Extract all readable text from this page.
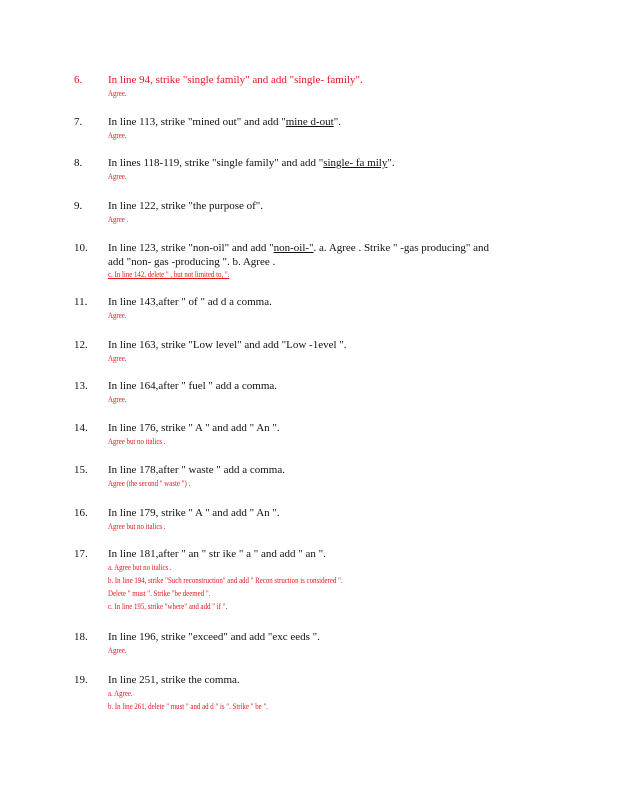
6. In line 94, strike "single family" and add "single- family".
Agree.
7. In line 113, strike "mined out" and add "mine d-out".
Agree.
8. In lines 118-119, strike "single family" and add "single- fa mily".
Agree.
9. In line 122, strike "the purpose of".
Agree .
10. In line 123, strike "non-oil" and add "non-oil-". a. Agree . Strike " -gas producing" and
add "non- gas -producing ". b. Agree .
c. In line 142, delete " , but not limited to, ".
11. In line 143,after " of " ad d a comma.
Agree.
12. In line 163, strike "Low level" and add "Low -1evel ".
Agree.
13. In line 164,after " fuel " add a comma.
Agree.
14. In line 176, strike " A " and add " An ".
Agree but no italics .
15. In line 178,after " waste " add a comma.
Agree (the second " waste ") .
16. In line 179, strike " A " and add " An ".
Agree but no italics .
17. In line 181,after " an " str ike " a " and add " an ".
a. Agree but no italics .
b. In line 194, strike "Such reconstruction" and add " Recon struction is considered ".
Delete " must ". Strike "be deemed ".
c. In line 195, strike "where" and add " if ".
18. In line 196, strike "exceed" and add "exc eeds ".
Agree.
19. In line 251, strike the comma.
a. Agree.
b. In line 261, delete " must " and ad d " is ". Strike " be ".
